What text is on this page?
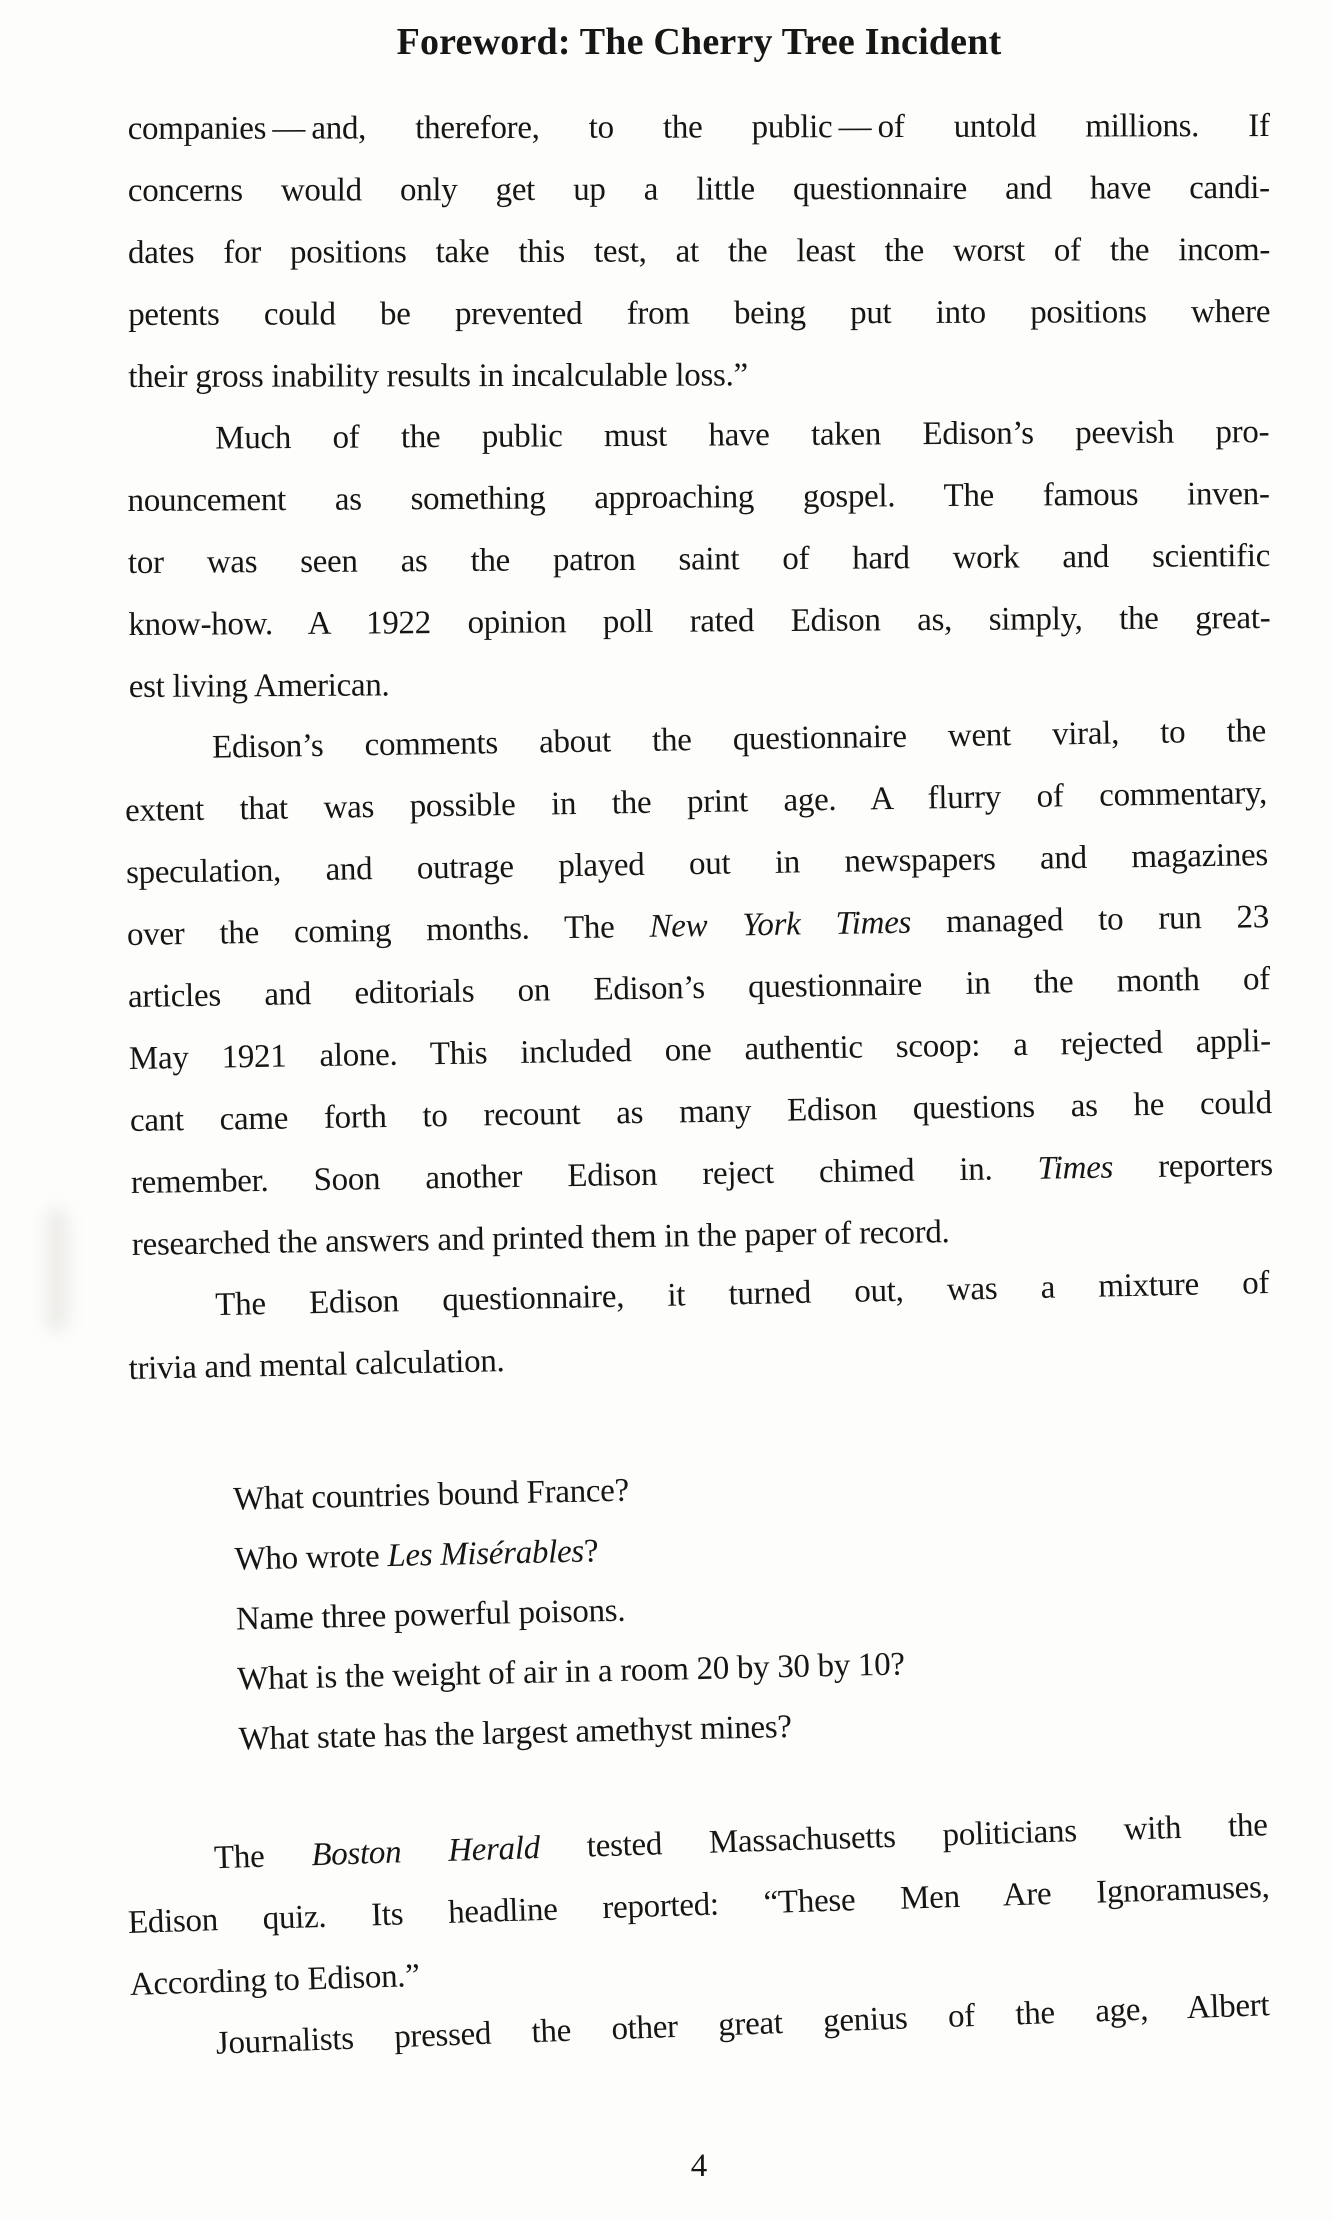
Foreword: The Cherry Tree Incident
companies — and, therefore, to the public — of untold millions. If
concerns would only get up a little questionnaire and have candi-
dates for positions take this test, at the least the worst of the incom-
petents could be prevented from being put into positions where
their gross inability results in incalculable loss.”
Much of the public must have taken Edison’s peevish pro-
nouncement as something approaching gospel. The famous inven-
tor was seen as the patron saint of hard work and scientific
know-how. A 1922 opinion poll rated Edison as, simply, the great-
est living American.
Edison’s comments about the questionnaire went viral, to the
extent that was possible in the print age. A flurry of commentary,
speculation, and outrage played out in newspapers and magazines
over the coming months. The New York Times managed to run 23
articles and editorials on Edison’s questionnaire in the month of
May 1921 alone. This included one authentic scoop: a rejected appli-
cant came forth to recount as many Edison questions as he could
remember. Soon another Edison reject chimed in. Times reporters
researched the answers and printed them in the paper of record.
The Edison questionnaire, it turned out, was a mixture of
trivia and mental calculation.
What countries bound France?
Who wrote Les Misérables?
Name three powerful poisons.
What is the weight of air in a room 20 by 30 by 10?
What state has the largest amethyst mines?
The Boston Herald tested Massachusetts politicians with the
Edison quiz. Its headline reported: “These Men Are Ignoramuses,
According to Edison.”
Journalists pressed the other great genius of the age, Albert
4
